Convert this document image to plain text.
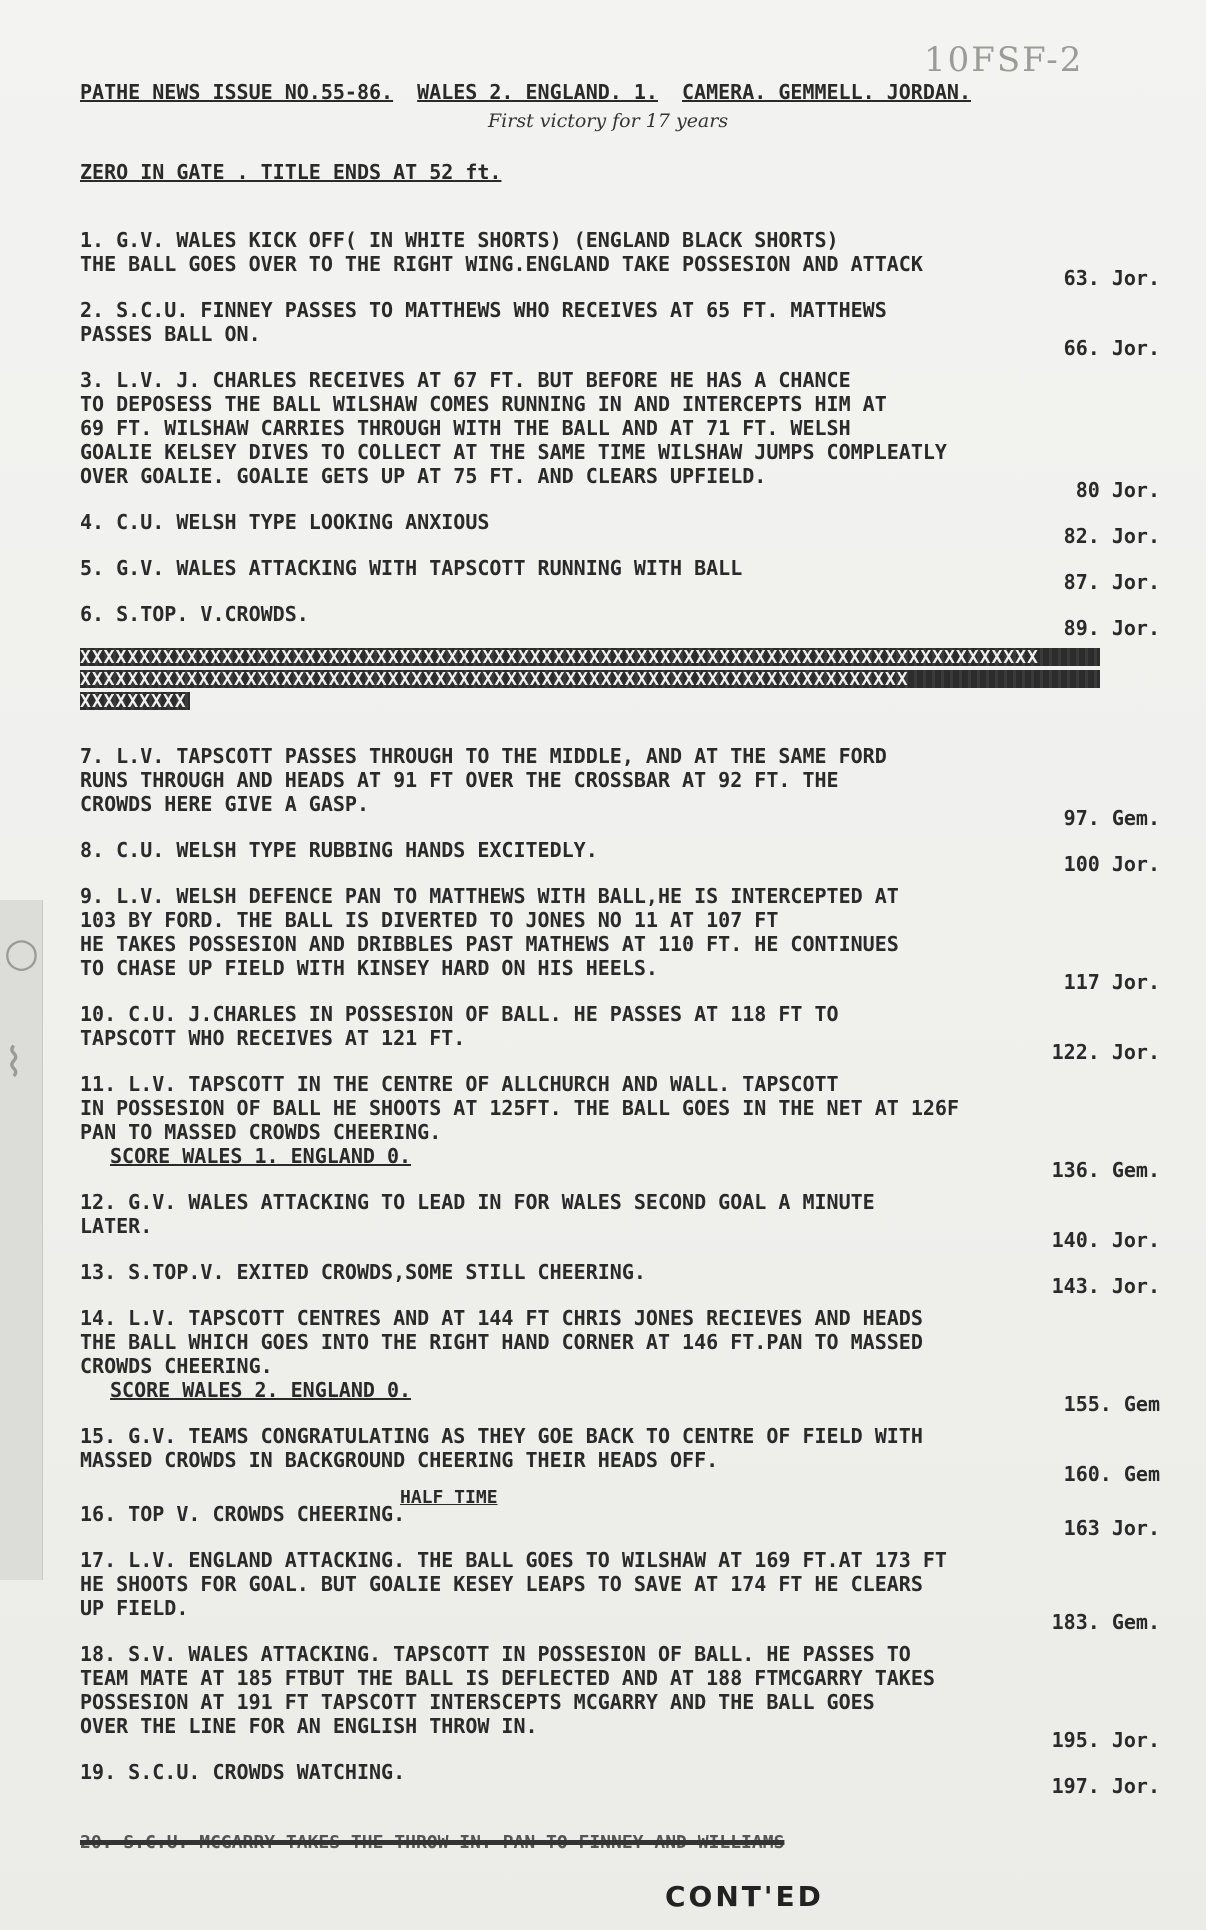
○
⌇
10FSF-2
PATHE NEWS ISSUE NO.55-86. WALES 2. ENGLAND. 1. CAMERA. GEMMELL. JORDAN.
First victory for 17 years
ZERO IN GATE . TITLE ENDS AT 52 ft.
1. G.V. WALES KICK OFF( IN WHITE SHORTS) (ENGLAND BLACK SHORTS)
THE BALL GOES OVER TO THE RIGHT WING.ENGLAND TAKE POSSESION AND ATTACK
63. Jor.
2. S.C.U. FINNEY PASSES TO MATTHEWS WHO RECEIVES AT 65 FT. MATTHEWS
PASSES BALL ON.
66. Jor.
3. L.V. J. CHARLES RECEIVES AT 67 FT. BUT BEFORE HE HAS A CHANCE
TO DEPOSESS THE BALL WILSHAW COMES RUNNING IN AND INTERCEPTS HIM AT
69 FT. WILSHAW CARRIES THROUGH WITH THE BALL AND AT 71 FT. WELSH
GOALIE KELSEY DIVES TO COLLECT AT THE SAME TIME WILSHAW JUMPS COMPLEATLY
OVER GOALIE. GOALIE GETS UP AT 75 FT. AND CLEARS UPFIELD.
80 Jor.
4. C.U. WELSH TYPE LOOKING ANXIOUS
82. Jor.
5. G.V. WALES ATTACKING WITH TAPSCOTT RUNNING WITH BALL
87. Jor.
6. S.TOP. V.CROWDS.
89. Jor.
XXXXXXXXXXXXXXXXXXXXXXXXXXXXXXXXXXXXXXXXXXXXXXXXXXXXXXXXXXXXXXXXXXXXXXXXXXXXXXXXX
XXXXXXXXXXXXXXXXXXXXXXXXXXXXXXXXXXXXXXXXXXXXXXXXXXXXXXXXXXXXXXXXXXXXXX
XXXXXXXXX
7. L.V. TAPSCOTT PASSES THROUGH TO THE MIDDLE, AND AT THE SAME FORD
RUNS THROUGH AND HEADS AT 91 FT OVER THE CROSSBAR AT 92 FT. THE
CROWDS HERE GIVE A GASP.
97. Gem.
8. C.U. WELSH TYPE RUBBING HANDS EXCITEDLY.
100 Jor.
9. L.V. WELSH DEFENCE PAN TO MATTHEWS WITH BALL,HE IS INTERCEPTED AT
103 BY FORD. THE BALL IS DIVERTED TO JONES NO 11 AT 107 FT
HE TAKES POSSESION AND DRIBBLES PAST MATHEWS AT 110 FT. HE CONTINUES
TO CHASE UP FIELD WITH KINSEY HARD ON HIS HEELS.
117 Jor.
10. C.U. J.CHARLES IN POSSESION OF BALL. HE PASSES AT 118 FT TO
TAPSCOTT WHO RECEIVES AT 121 FT.
122. Jor.
11. L.V. TAPSCOTT IN THE CENTRE OF ALLCHURCH AND WALL. TAPSCOTT
IN POSSESION OF BALL HE SHOOTS AT 125FT. THE BALL GOES IN THE NET AT 126F
PAN TO MASSED CROWDS CHEERING.
SCORE WALES 1. ENGLAND 0.
136. Gem.
12. G.V. WALES ATTACKING TO LEAD IN FOR WALES SECOND GOAL A MINUTE
LATER.
140. Jor.
13. S.TOP.V. EXITED CROWDS,SOME STILL CHEERING.
143. Jor.
14. L.V. TAPSCOTT CENTRES AND AT 144 FT CHRIS JONES RECIEVES AND HEADS
THE BALL WHICH GOES INTO THE RIGHT HAND CORNER AT 146 FT.PAN TO MASSED
CROWDS CHEERING.
SCORE WALES 2. ENGLAND 0.
155. Gem
15. G.V. TEAMS CONGRATULATING AS THEY GOE BACK TO CENTRE OF FIELD WITH
MASSED CROWDS IN BACKGROUND CHEERING THEIR HEADS OFF.
160. Gem
HALF TIME
16. TOP V. CROWDS CHEERING.
163 Jor.
17. L.V. ENGLAND ATTACKING. THE BALL GOES TO WILSHAW AT 169 FT.AT 173 FT
HE SHOOTS FOR GOAL. BUT GOALIE KESEY LEAPS TO SAVE AT 174 FT HE CLEARS
UP FIELD.
183. Gem.
18. S.V. WALES ATTACKING. TAPSCOTT IN POSSESION OF BALL. HE PASSES TO
TEAM MATE AT 185 FTBUT THE BALL IS DEFLECTED AND AT 188 FTMCGARRY TAKES
POSSESION AT 191 FT TAPSCOTT INTERSCEPTS MCGARRY AND THE BALL GOES
OVER THE LINE FOR AN ENGLISH THROW IN.
195. Jor.
19. S.C.U. CROWDS WATCHING.
197. Jor.
20. S.C.U. MCGARRY TAKES THE THROW IN. PAN TO FINNEY AND WILLIAMS
CONT'ED
